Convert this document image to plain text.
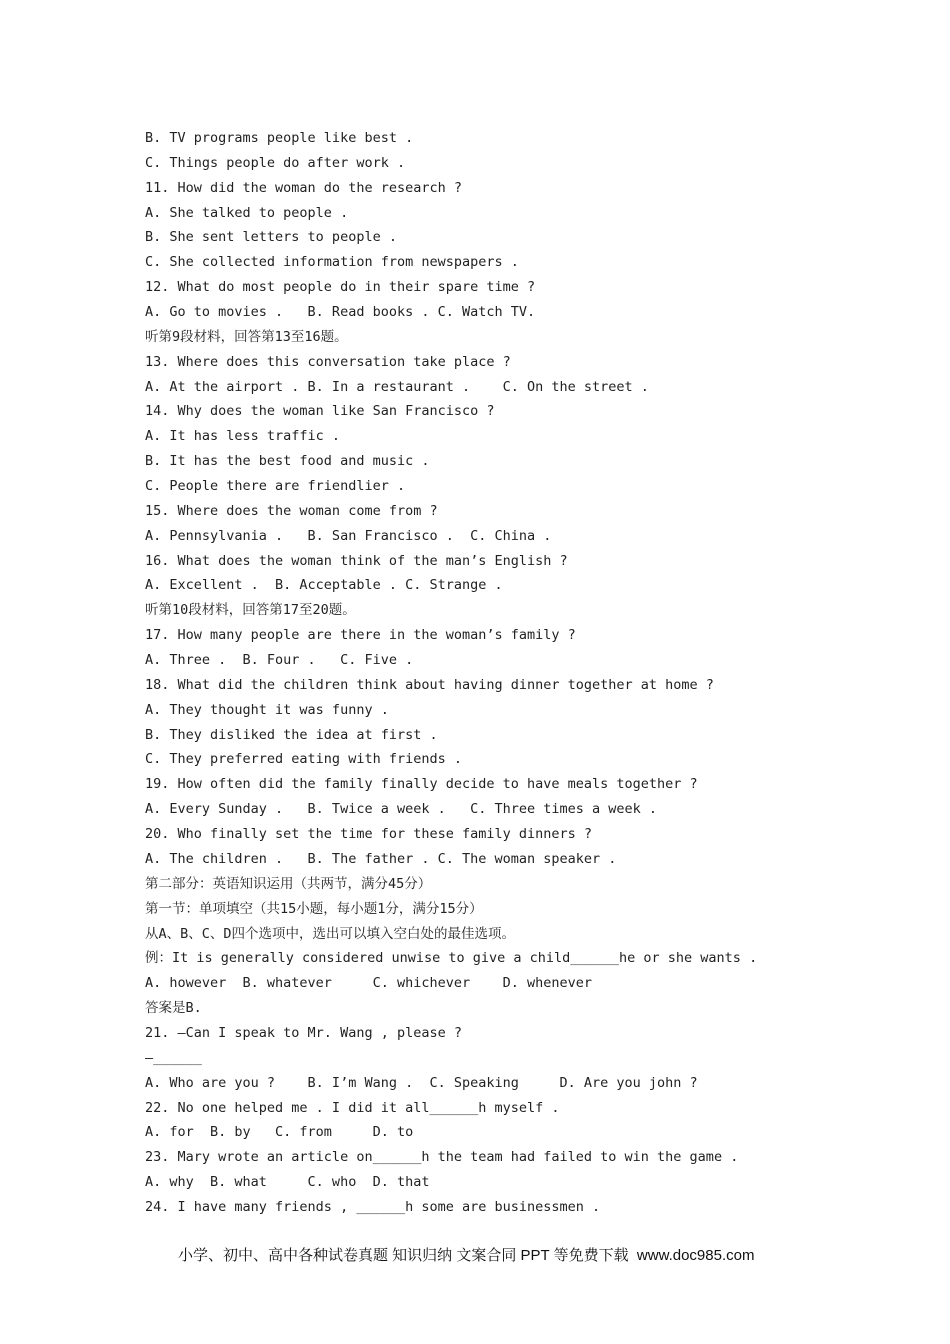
B. TV programs people like best .
C. Things people do after work .
11. How did the woman do the research ?
A. She talked to people .
B. She sent letters to people .
C. She collected information from newspapers .
12. What do most people do in their spare time ?
A. Go to movies .   B. Read books . C. Watch TV.
听第9段材料，回答第13至16题。
13. Where does this conversation take place ?
A. At the airport . B. In a restaurant .    C. On the street .
14. Why does the woman like San Francisco ?
A. It has less traffic .
B. It has the best food and music .
C. People there are friendlier .
15. Where does the woman come from ?
A. Pennsylvania .   B. San Francisco .  C. China .
16. What does the woman think of the man’s English ?
A. Excellent .  B. Acceptable . C. Strange .
听第10段材料，回答第17至20题。
17. How many people are there in the woman’s family ?
A. Three .  B. Four .   C. Five .
18. What did the children think about having dinner together at home ?
A. They thought it was funny .
B. They disliked the idea at first .
C. They preferred eating with friends .
19. How often did the family finally decide to have meals together ?
A. Every Sunday .   B. Twice a week .   C. Three times a week .
20. Who finally set the time for these family dinners ?
A. The children .   B. The father . C. The woman speaker .
第二部分：英语知识运用（共两节，满分45分）
第一节：单项填空（共15小题，每小题1分，满分15分）
从A、B、C、D四个选项中，选出可以填入空白处的最佳选项。
例：It is generally considered unwise to give a child______he or she wants .
A. however  B. whatever     C. whichever    D. whenever
答案是B.
21. —Can I speak to Mr. Wang , please ?
—______
A. Who are you ?    B. I’m Wang .  C. Speaking     D. Are you john ?
22. No one helped me . I did it all______h myself .
A. for  B. by   C. from     D. to
23. Mary wrote an article on______h the team had failed to win the game .
A. why  B. what     C. who  D. that
24. I have many friends , ______h some are businessmen .
小学、初中、高中各种试卷真题 知识归纳 文案合同 PPT 等免费下载  www.doc985.com
